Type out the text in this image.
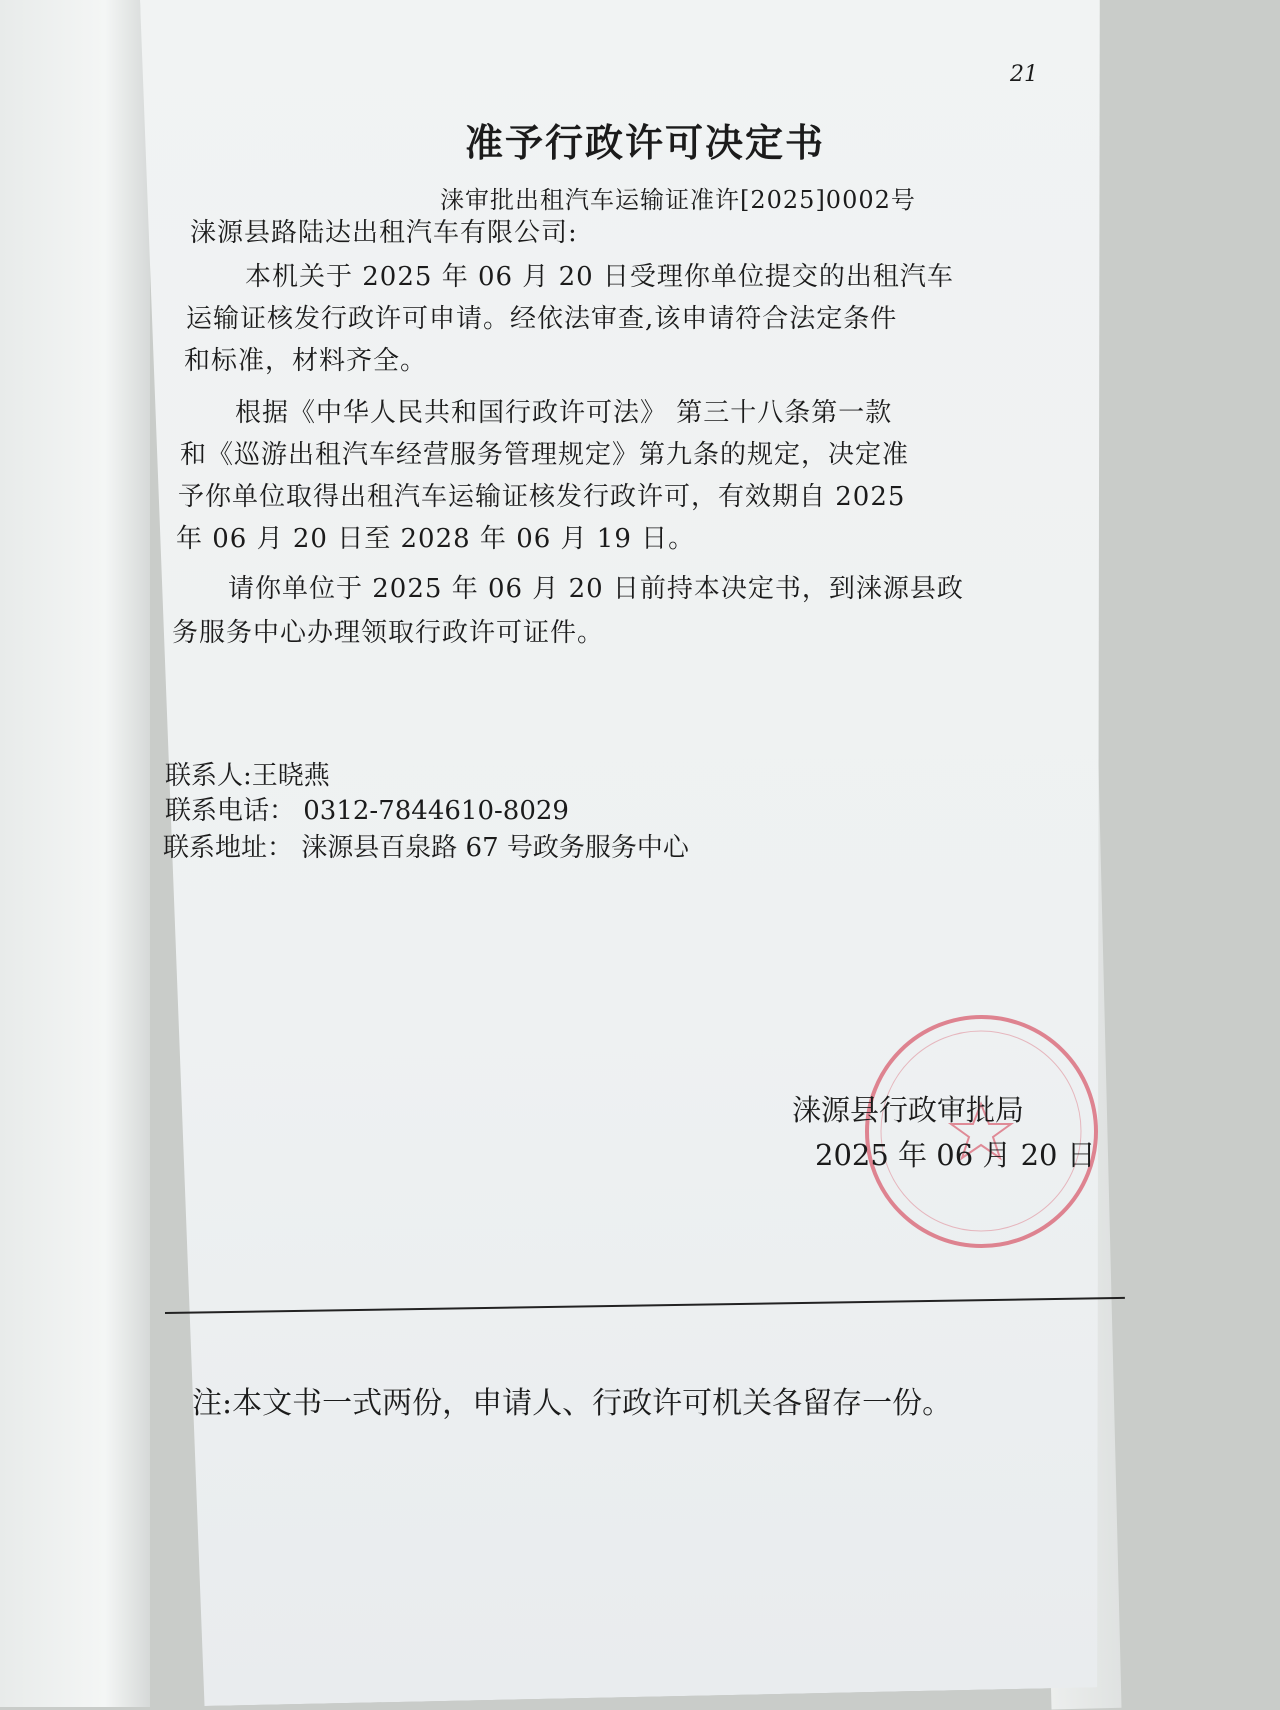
21
准予行政许可决定书
涞审批出租汽车运输证准许[2025]0002号
涞源县路陆达出租汽车有限公司:
本机关于 2025 年 06 月 20 日受理你单位提交的出租汽车
运输证核发行政许可申请。经依法审查,该申请符合法定条件
和标准，材料齐全。
根据《中华人民共和国行政许可法》 第三十八条第一款
和《巡游出租汽车经营服务管理规定》第九条的规定，决定准
予你单位取得出租汽车运输证核发行政许可，有效期自 2025
年 06 月 20 日至 2028 年 06 月 19 日。
请你单位于 2025 年 06 月 20 日前持本决定书，到涞源县政
务服务中心办理领取行政许可证件。
联系人:王晓燕
联系电话： 0312-7844610-8029
联系地址： 涞源县百泉路 67 号政务服务中心
涞源县行政审批局
2025 年 06 月 20 日
注:本文书一式两份，申请人、行政许可机关各留存一份。
